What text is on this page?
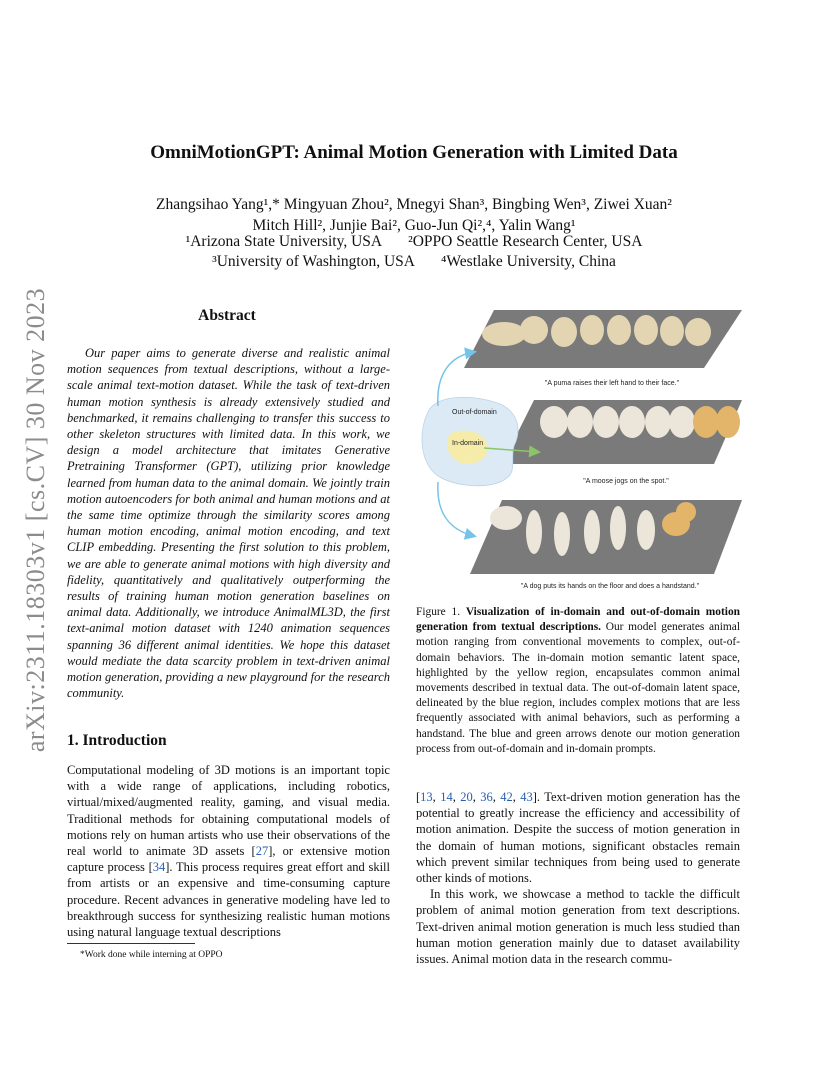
arXiv:2311.18303v1 [cs.CV] 30 Nov 2023
OmniMotionGPT: Animal Motion Generation with Limited Data
Zhangsihao Yang¹,* Mingyuan Zhou², Mnegyi Shan³, Bingbing Wen³, Ziwei Xuan²
Mitch Hill², Junjie Bai², Guo-Jun Qi²,⁴, Yalin Wang¹
¹Arizona State University, USA ²OPPO Seattle Research Center, USA
³University of Washington, USA ⁴Westlake University, China
Abstract
Our paper aims to generate diverse and realistic animal motion sequences from textual descriptions, without a large-scale animal text-motion dataset. While the task of text-driven human motion synthesis is already extensively studied and benchmarked, it remains challenging to transfer this success to other skeleton structures with limited data. In this work, we design a model architecture that imitates Generative Pretraining Transformer (GPT), utilizing prior knowledge learned from human data to the animal domain. We jointly train motion autoencoders for both animal and human motions and at the same time optimize through the similarity scores among human motion encoding, animal motion encoding, and text CLIP embedding. Presenting the first solution to this problem, we are able to generate animal motions with high diversity and fidelity, quantitatively and qualitatively outperforming the results of training human motion generation baselines on animal data. Additionally, we introduce AnimalML3D, the first text-animal motion dataset with 1240 animation sequences spanning 36 different animal identities. We hope this dataset would mediate the data scarcity problem in text-driven animal motion generation, providing a new playground for the research community.
1. Introduction
Computational modeling of 3D motions is an important topic with a wide range of applications, including robotics, virtual/mixed/augmented reality, gaming, and visual media. Traditional methods for obtaining computational models of motions rely on human artists who use their observations of the real world to animate 3D assets [27], or extensive motion capture process [34]. This process requires great effort and skill from artists or an expensive and time-consuming capture procedure. Recent advances in generative modeling have led to breakthrough success for synthesizing realistic human motions using natural language textual descriptions
*Work done while interning at OPPO
"A puma raises their left hand to their face."
"A moose jogs on the spot."
"A dog puts its hands on the floor and does a handstand."
Out-of-domain
In-domain
Figure 1. Visualization of in-domain and out-of-domain motion generation from textual descriptions. Our model generates animal motion ranging from conventional movements to complex, out-of-domain behaviors. The in-domain motion semantic latent space, highlighted by the yellow region, encapsulates common animal movements described in textual data. The out-of-domain latent space, delineated by the blue region, includes complex motions that are less frequently associated with animal behaviors, such as performing a handstand. The blue and green arrows denote our motion generation process from out-of-domain and in-domain prompts.

[13, 14, 20, 36, 42, 43]. Text-driven motion generation has the potential to greatly increase the efficiency and accessibility of motion animation. Despite the success of motion generation in the domain of human motions, significant obstacles remain which prevent similar techniques from being used to generate other kinds of motions.

In this work, we showcase a method to tackle the difficult problem of animal motion generation from text descriptions. Text-driven animal motion generation is much less studied than human motion generation mainly due to dataset availability issues. Animal motion data in the research commu-
